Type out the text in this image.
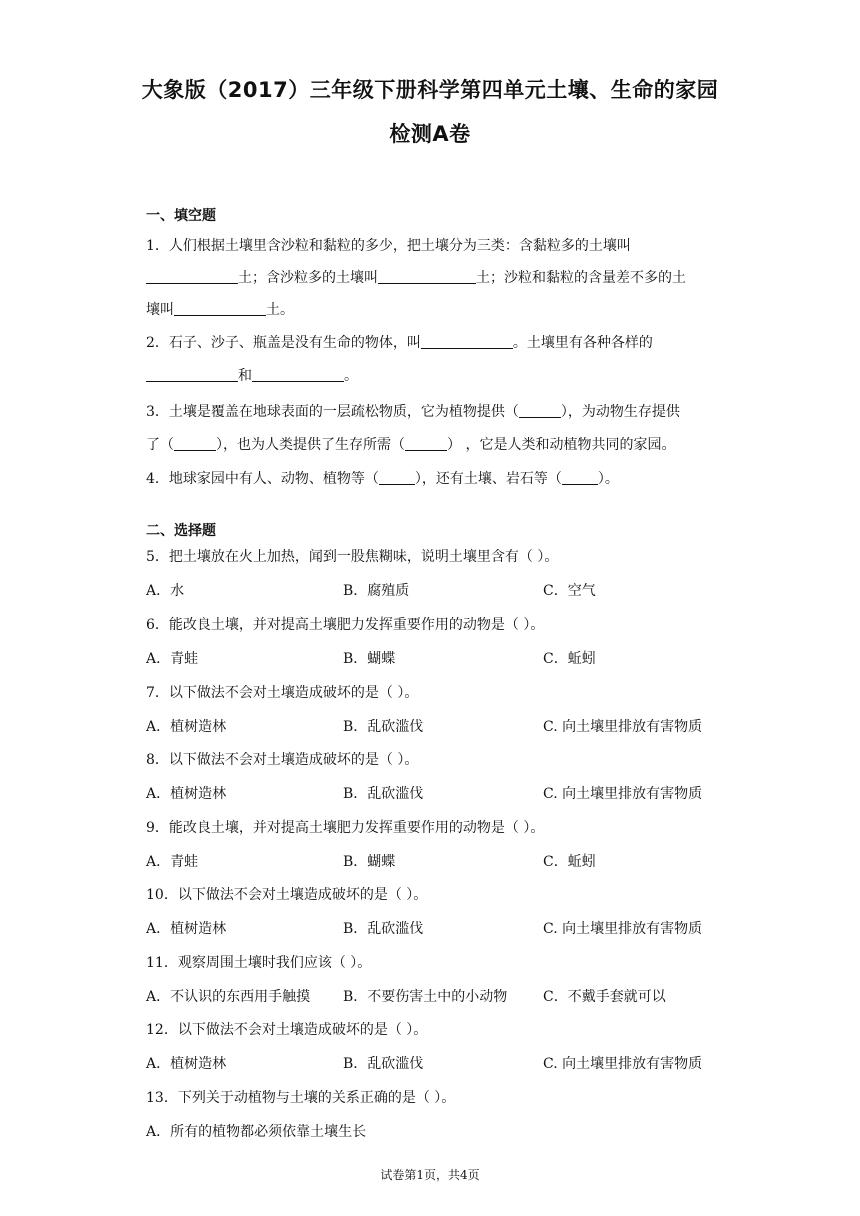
大象版（2017）三年级下册科学第四单元土壤、生命的家园
检测A卷
一、填空题
1．人们根据土壤里含沙粒和黏粒的多少，把土壤分为三类：含黏粒多的土壤叫
土；含沙粒多的土壤叫	土；沙粒和黏粒的含量差不多的土
壤叫	土。
2．石子、沙子、瓶盖是没有生命的物体，叫	。土壤里有各种各样的
和	。
3．土壤是覆盖在地球表面的一层疏松物质，它为植物提供（	），为动物生存提供
了（	），也为人类提供了生存所需（	） ，它是人类和动植物共同的家园。
4．地球家园中有人、动物、植物等（	），还有土壤、岩石等（	）。
二、选择题
5．把土壤放在火上加热，闻到一股焦糊味，说明土壤里含有（ ）。
A．水	B．腐殖质	C．空气
6．能改良土壤，并对提高土壤肥力发挥重要作用的动物是（ ）。
A．青蛙	B．蝴蝶	C．蚯蚓
7．以下做法不会对土壤造成破坏的是（ ）。
A．植树造林	B．乱砍滥伐	C. 向土壤里排放有害物质
8．以下做法不会对土壤造成破坏的是（ ）。
A．植树造林	B．乱砍滥伐	C. 向土壤里排放有害物质
9．能改良土壤，并对提高土壤肥力发挥重要作用的动物是（ ）。
A．青蛙	B．蝴蝶	C．蚯蚓
10．以下做法不会对土壤造成破坏的是（ ）。
A．植树造林	B．乱砍滥伐	C. 向土壤里排放有害物质
11．观察周围土壤时我们应该（ ）。
A．不认识的东西用手触摸 B．不要伤害土中的小动物	C．不戴手套就可以
12．以下做法不会对土壤造成破坏的是（ ）。
A．植树造林	B．乱砍滥伐	C. 向土壤里排放有害物质
13．下列关于动植物与土壤的关系正确的是（ ）。
A．所有的植物都必须依靠土壤生长
试卷第1页，共4页
